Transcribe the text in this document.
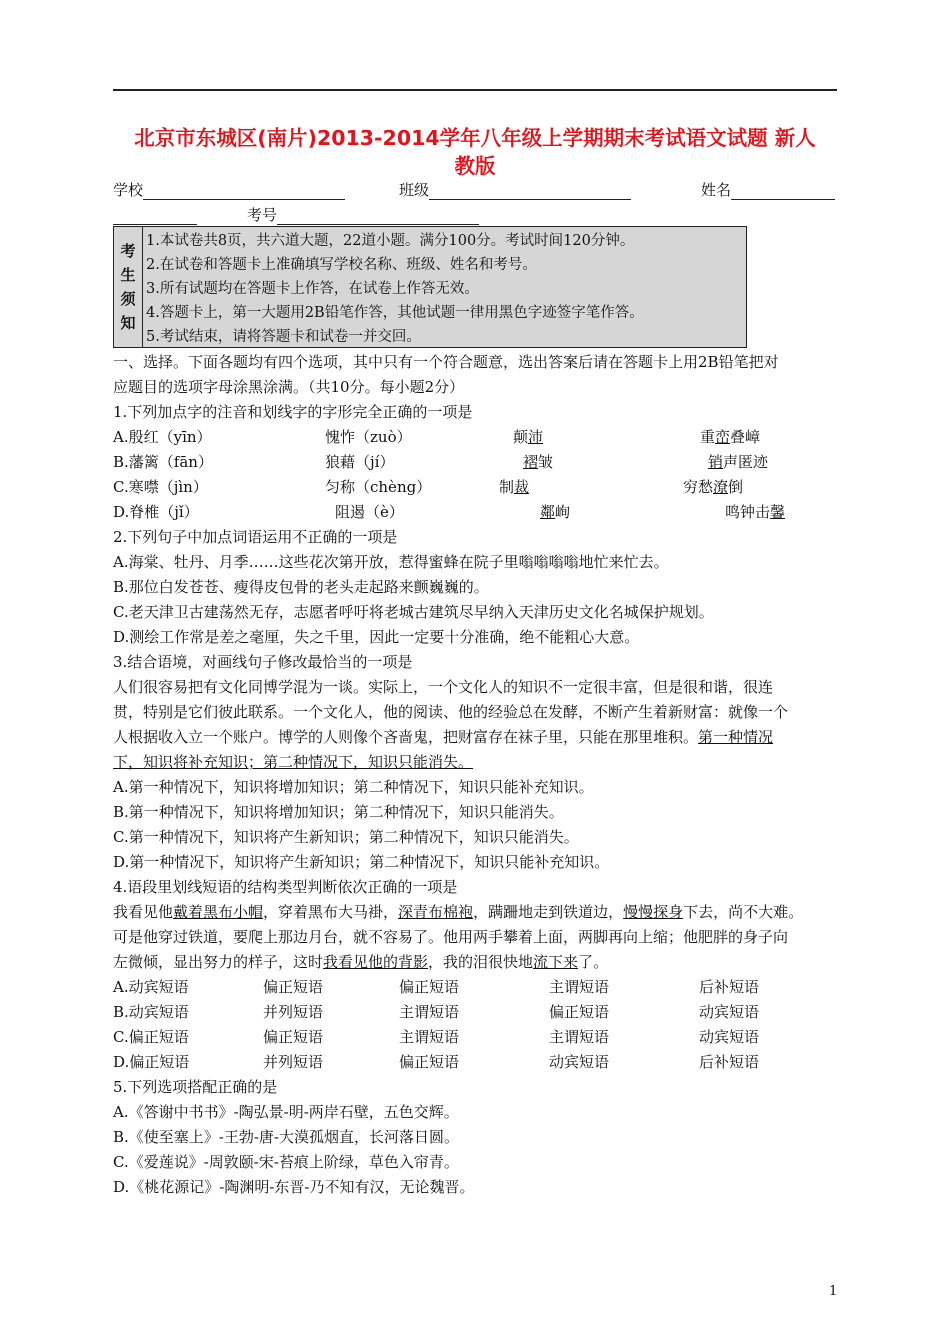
北京市东城区(南片)2013-2014学年八年级上学期期末考试语文试题 新人
教版
学校	班级	姓名
考号
考
生
须
知
1.本试卷共8页，共六道大题，22道小题。满分100分。考试时间120分钟。
2.在试卷和答题卡上准确填写学校名称、班级、姓名和考号。
3.所有试题均在答题卡上作答，在试卷上作答无效。
4.答题卡上，第一大题用2B铅笔作答，其他试题一律用黑色字迹签字笔作答。
5.考试结束，请将答题卡和试卷一并交回。
一、选择。下面各题均有四个选项，其中只有一个符合题意，选出答案后请在答题卡上用2B铅笔把对
应题目的选项字母涂黑涂满。（共10分。每小题2分）
1.下列加点字的注音和划线字的字形完全正确的一项是
A.殷红（yīn）	愧怍（zuò）	颠沛	重峦叠嶂
B.藩篱（fān）	狼藉（jí）	褶皱	销声匿迹
C.寒噤（jìn）	匀称（chèng）	制裁	穷愁潦倒
D.脊椎（jǐ）	阻遏（è）	鄰峋	鸣钟击馨
2.下列句子中加点词语运用不正确的一项是
A.海棠、牡丹、月季……这些花次第开放，惹得蜜蜂在院子里嗡嗡嗡嗡地忙来忙去。
B.那位白发苍苍、瘦得皮包骨的老头走起路来颤巍巍的。
C.老天津卫古建荡然无存，志愿者呼吁将老城古建筑尽早纳入天津历史文化名城保护规划。
D.测绘工作常是差之毫厘，失之千里，因此一定要十分准确，绝不能粗心大意。
3.结合语境，对画线句子修改最恰当的一项是
人们很容易把有文化同博学混为一谈。实际上，一个文化人的知识不一定很丰富，但是很和谐，很连
贯，特别是它们彼此联系。一个文化人，他的阅读、他的经验总在发酵，不断产生着新财富：就像一个
人根据收入立一个账户。博学的人则像个吝啬鬼，把财富存在袜子里，只能在那里堆积。第一种情况
下，知识将补充知识；第二种情况下，知识只能消失。
A.第一种情况下，知识将增加知识；第二种情况下，知识只能补充知识。
B.第一种情况下，知识将增加知识；第二种情况下，知识只能消失。
C.第一种情况下，知识将产生新知识；第二种情况下，知识只能消失。
D.第一种情况下，知识将产生新知识；第二种情况下，知识只能补充知识。
4.语段里划线短语的结构类型判断依次正确的一项是
我看见他戴着黑布小帽，穿着黑布大马褂，深青布棉袍，蹒跚地走到铁道边，慢慢探身下去，尚不大难。
可是他穿过铁道，要爬上那边月台，就不容易了。他用两手攀着上面，两脚再向上缩；他肥胖的身子向
左微倾，显出努力的样子，这时我看见他的背影，我的泪很快地流下来了。
A.动宾短语	偏正短语	偏正短语	主谓短语	后补短语
B.动宾短语	并列短语	主谓短语	偏正短语	动宾短语
C.偏正短语	偏正短语	主谓短语	主谓短语	动宾短语
D.偏正短语	并列短语	偏正短语	动宾短语	后补短语
5.下列选项搭配正确的是
A.《答谢中书书》-陶弘景-明-两岸石壁，五色交辉。
B.《使至塞上》-王勃-唐-大漠孤烟直，长河落日圆。
C.《爱莲说》-周敦颐-宋-苔痕上阶绿，草色入帘青。
D.《桃花源记》-陶渊明-东晋-乃不知有汉，无论魏晋。
1
